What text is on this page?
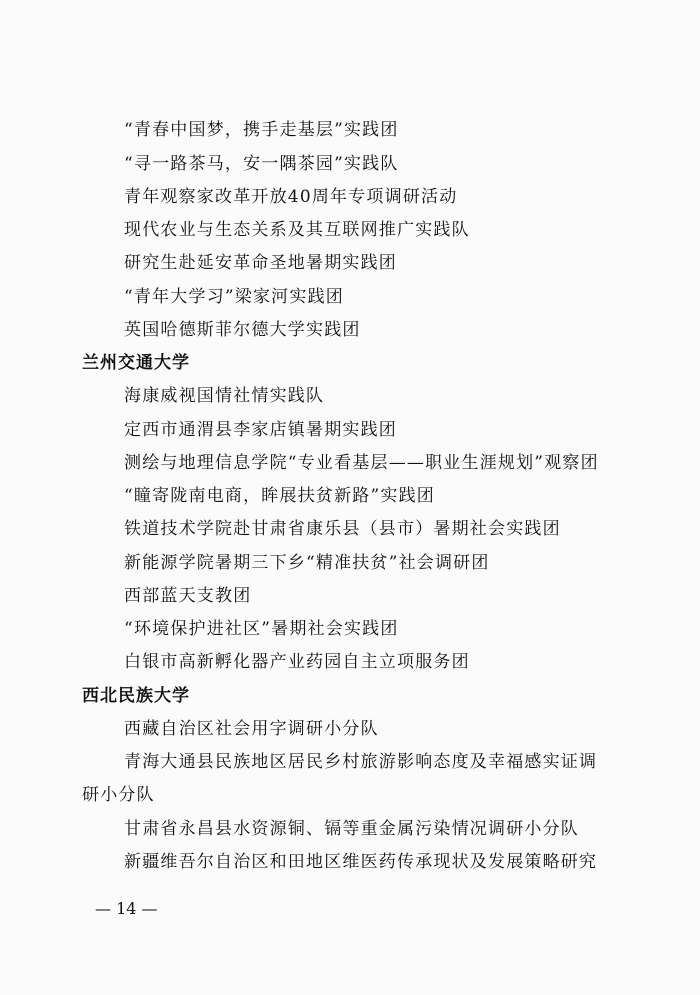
“青春中国梦，携手走基层”实践团
“寻一路茶马，安一隅茶园”实践队
青年观察家改革开放40周年专项调研活动
现代农业与生态关系及其互联网推广实践队
研究生赴延安革命圣地暑期实践团
“青年大学习”梁家河实践团
英国哈德斯菲尔德大学实践团
兰州交通大学
海康威视国情社情实践队
定西市通渭县李家店镇暑期实践团
测绘与地理信息学院“专业看基层——职业生涯规划”观察团
“瞳寄陇南电商，眸展扶贫新路”实践团
铁道技术学院赴甘肃省康乐县（县市）暑期社会实践团
新能源学院暑期三下乡“精准扶贫”社会调研团
西部蓝天支教团
“环境保护进社区”暑期社会实践团
白银市高新孵化器产业药园自主立项服务团
西北民族大学
西藏自治区社会用字调研小分队
青海大通县民族地区居民乡村旅游影响态度及幸福感实证调
研小分队
甘肃省永昌县水资源铜、镉等重金属污染情况调研小分队
新疆维吾尔自治区和田地区维医药传承现状及发展策略研究
— 14 —
